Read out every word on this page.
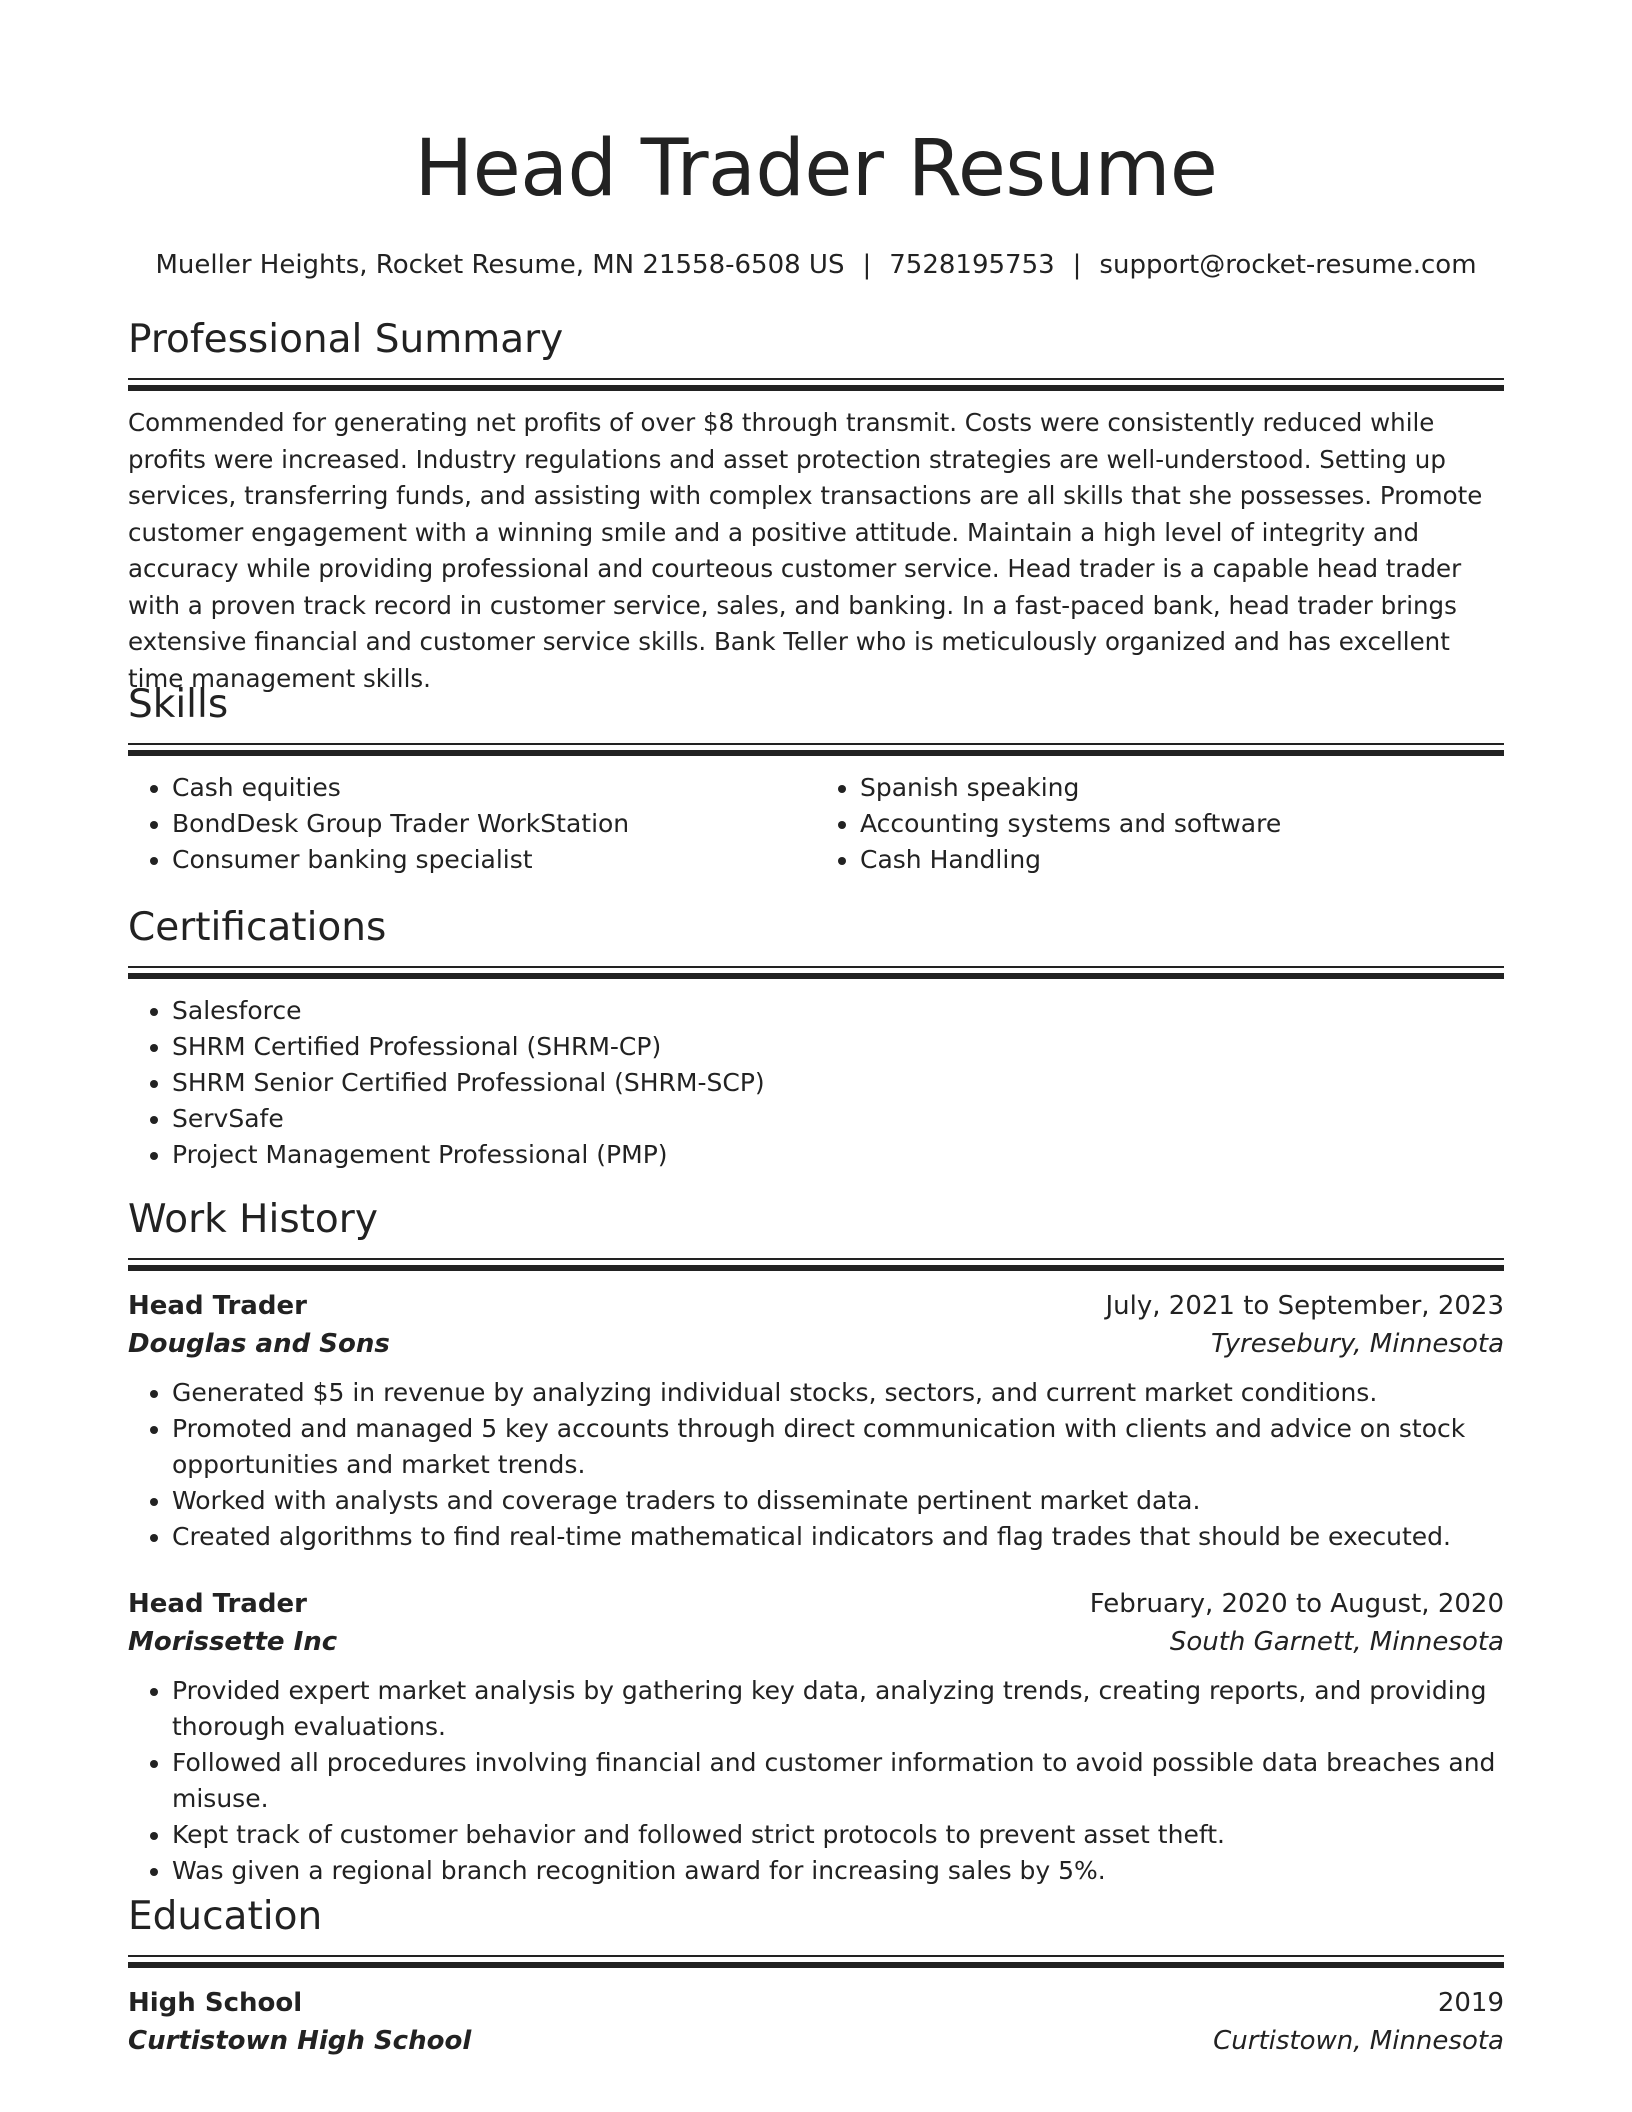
Head Trader Resume
Mueller Heights, Rocket Resume, MN 21558-6508 US | 7528195753 | support@rocket-resume.com
Professional Summary

Commended for generating net profits of over $8 through transmit. Costs were consistently reduced while profits were increased. Industry regulations and asset protection strategies are well-understood. Setting up services, transferring funds, and assisting with complex transactions are all skills that she possesses. Promote customer engagement with a winning smile and a positive attitude. Maintain a high level of integrity and accuracy while providing professional and courteous customer service. Head trader is a capable head trader with a proven track record in customer service, sales, and banking. In a fast-paced bank, head trader brings extensive financial and customer service skills. Bank Teller who is meticulously organized and has excellent time management skills.

Skills
• Cash equities
• BondDesk Group Trader WorkStation
• Consumer banking specialist
• Spanish speaking
• Accounting systems and software
• Cash Handling
Certifications
• Salesforce
• SHRM Certified Professional (SHRM-CP)
• SHRM Senior Certified Professional (SHRM-SCP)
• ServSafe
• Project Management Professional (PMP)
Work History
Head Trader	July, 2021 to September, 2023
Douglas and Sons	Tyresebury, Minnesota
• Generated $5 in revenue by analyzing individual stocks, sectors, and current market conditions.
• Promoted and managed 5 key accounts through direct communication with clients and advice on stock opportunities and market trends.
• Worked with analysts and coverage traders to disseminate pertinent market data.
• Created algorithms to find real-time mathematical indicators and flag trades that should be executed.
Head Trader	February, 2020 to August, 2020
Morissette Inc	South Garnett, Minnesota
• Provided expert market analysis by gathering key data, analyzing trends, creating reports, and providing thorough evaluations.
• Followed all procedures involving financial and customer information to avoid possible data breaches and misuse.
• Kept track of customer behavior and followed strict protocols to prevent asset theft.
• Was given a regional branch recognition award for increasing sales by 5%.
Education
High School	2019
Curtistown High School	Curtistown, Minnesota
